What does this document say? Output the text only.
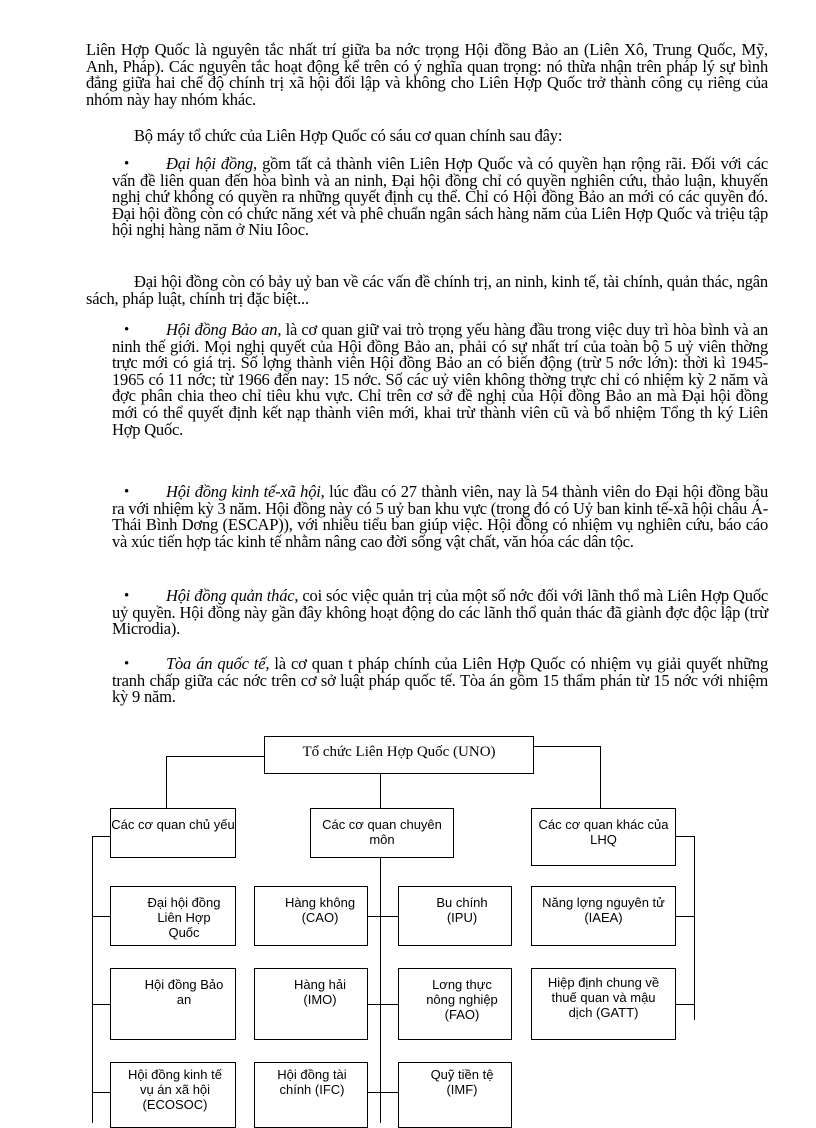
Liên Hợp Quốc là nguyên tắc nhất trí giữa ba nớc trọng Hội đồng Bảo an (Liên Xô, Trung Quốc, Mỹ, Anh, Pháp). Các nguyên tắc hoạt động kể trên có ý nghĩa quan trọng: nó thừa nhận trên pháp lý sự bình đẳng giữa hai chế độ chính trị xã hội đối lập và không cho Liên Hợp Quốc trở thành công cụ riêng của nhóm này hay nhóm khác.
Bộ máy tổ chức của Liên Hợp Quốc có sáu cơ quan chính sau đây:
•	Đại hội đồng, gồm tất cả thành viên Liên Hợp Quốc và có quyền hạn rộng rãi. Đối với các vấn đề liên quan đến hòa bình và an ninh, Đại hội đồng chỉ có quyền nghiên cứu, thảo luận, khuyến nghị chứ không có quyền ra những quyết định cụ thể. Chỉ có Hội đồng Bảo an mới có các quyền đó. Đại hội đồng còn có chức năng xét và phê chuẩn ngân sách hàng năm của Liên Hợp Quốc và triệu tập hội nghị hàng năm ở Niu Iôoc.
Đại hội đồng còn có bảy uỷ ban về các vấn đề chính trị, an ninh, kinh tế, tài chính, quản thác, ngân sách, pháp luật, chính trị đặc biệt...
•	Hội đồng Bảo an, là cơ quan giữ vai trò trọng yếu hàng đầu trong việc duy trì hòa bình và an ninh thế giới. Mọi nghị quyết của Hội đồng Bảo an, phải có sự nhất trí của toàn bộ 5 uỷ viên thờng trực mới có giá trị. Số lợng thành viên Hội đồng Bảo an có biến động (trừ 5 nớc lớn): thời kì 1945-1965 có 11 nớc; từ 1966 đến nay: 15 nớc. Số các uỷ viên không thờng trực chỉ có nhiệm kỳ 2 năm và đợc phân chia theo chỉ tiêu khu vực. Chỉ trên cơ sở đề nghị của Hội đồng Bảo an mà Đại hội đồng mới có thể quyết định kết nạp thành viên mới, khai trừ thành viên cũ và bổ nhiệm Tổng th ký Liên Hợp Quốc.
•	Hội đồng kinh tế-xã hội, lúc đầu có 27 thành viên, nay là 54 thành viên do Đại hội đồng bầu ra với nhiệm kỳ 3 năm. Hội đồng này có 5 uỷ ban khu vực (trong đó có Uỷ ban kinh tế-xã hội châu Á-Thái Bình Dơng (ESCAP)), với nhiều tiểu ban giúp việc. Hội đồng có nhiệm vụ nghiên cứu, báo cáo và xúc tiến hợp tác kinh tế nhằm nâng cao đời sống vật chất, văn hóa các dân tộc.
•	Hội đồng quản thác, coi sóc việc quản trị của một số nớc đối với lãnh thổ mà Liên Hợp Quốc uỷ quyền. Hội đồng này gần đây không hoạt động do các lãnh thổ quản thác đã giành đợc độc lập (trừ Microdia).
•	Tòa án quốc tế, là cơ quan t pháp chính của Liên Hợp Quốc có nhiệm vụ giải quyết những tranh chấp giữa các nớc trên cơ sở luật pháp quốc tế. Tòa án gồm 15 thẩm phán từ 15 nớc với nhiệm kỳ 9 năm.
Tổ chức Liên Hợp Quốc (UNO)
Các cơ quan chủ yếu	Các cơ quan chuyên môn
Các cơ quan khác của LHQ
Đại hội đồng Liên Hợp Quốc
Hội đồng Bảo an
Hội đồng kinh tế vụ án xã hội (ECOSOC)
Hàng không (CAO)
Hàng hải (IMO)
Hội đồng tài chính (IFC)
Bu chính (IPU)
Lơng thực nông nghiệp (FAO)
Quỹ tiền tệ (IMF)
Năng lợng nguyên tử (IAEA)
Hiệp định chung về thuế quan và mậu dịch (GATT)
